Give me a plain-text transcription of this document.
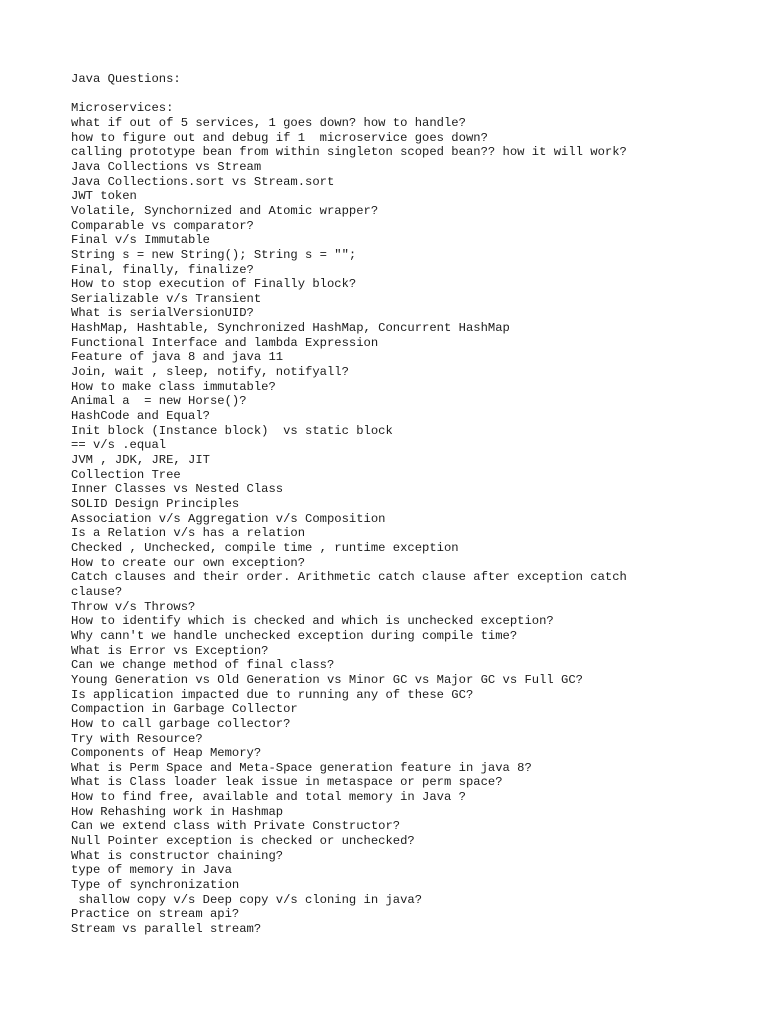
Java Questions:
Microservices:
what if out of 5 services, 1 goes down? how to handle?
how to figure out and debug if 1  microservice goes down?
calling prototype bean from within singleton scoped bean?? how it will work?
Java Collections vs Stream
Java Collections.sort vs Stream.sort
JWT token
Volatile, Synchornized and Atomic wrapper?
Comparable vs comparator?
Final v/s Immutable
String s = new String(); String s = "";
Final, finally, finalize?
How to stop execution of Finally block?
Serializable v/s Transient
What is serialVersionUID?
HashMap, Hashtable, Synchronized HashMap, Concurrent HashMap
Functional Interface and lambda Expression
Feature of java 8 and java 11
Join, wait , sleep, notify, notifyall?
How to make class immutable?
Animal a  = new Horse()?
HashCode and Equal?
Init block (Instance block)  vs static block
== v/s .equal
JVM , JDK, JRE, JIT
Collection Tree
Inner Classes vs Nested Class
SOLID Design Principles
Association v/s Aggregation v/s Composition
Is a Relation v/s has a relation
Checked , Unchecked, compile time , runtime exception
How to create our own exception?
Catch clauses and their order. Arithmetic catch clause after exception catch
clause?
Throw v/s Throws?
How to identify which is checked and which is unchecked exception?
Why cann't we handle unchecked exception during compile time?
What is Error vs Exception?
Can we change method of final class?
Young Generation vs Old Generation vs Minor GC vs Major GC vs Full GC?
Is application impacted due to running any of these GC?
Compaction in Garbage Collector
How to call garbage collector?
Try with Resource?
Components of Heap Memory?
What is Perm Space and Meta-Space generation feature in java 8?
What is Class loader leak issue in metaspace or perm space?
How to find free, available and total memory in Java ?
How Rehashing work in Hashmap
Can we extend class with Private Constructor?
Null Pointer exception is checked or unchecked?
What is constructor chaining?
type of memory in Java
Type of synchronization
shallow copy v/s Deep copy v/s cloning in java?
Practice on stream api?
Stream vs parallel stream?
